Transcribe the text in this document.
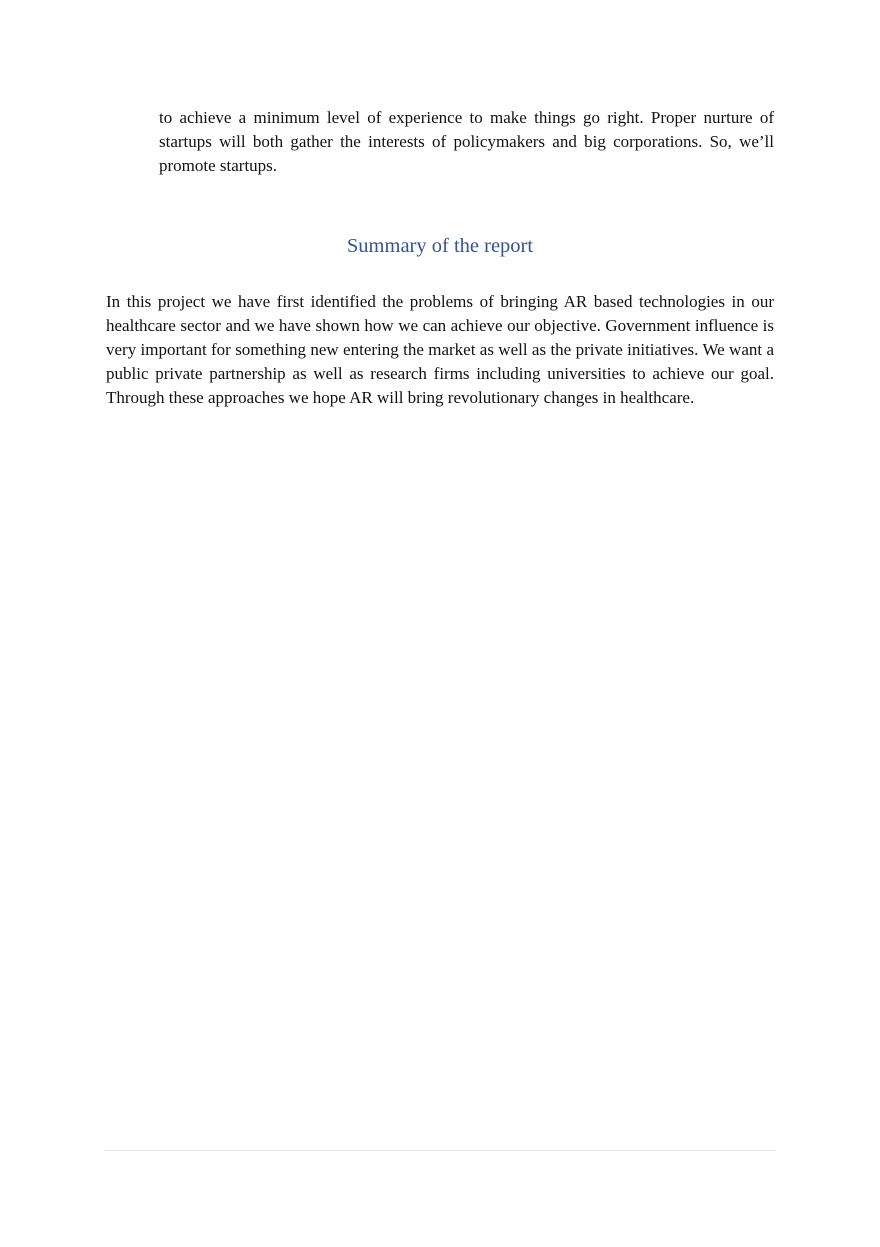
to achieve a minimum level of experience to make things go right. Proper nurture of startups will both gather the interests of policymakers and big corporations. So, we’ll promote startups.

Summary of the report

In this project we have first identified the problems of bringing AR based technologies in our healthcare sector and we have shown how we can achieve our objective. Government influence is very important for something new entering the market as well as the private initiatives. We want a public private partnership as well as research firms including universities to achieve our goal. Through these approaches we hope AR will bring revolutionary changes in healthcare.
